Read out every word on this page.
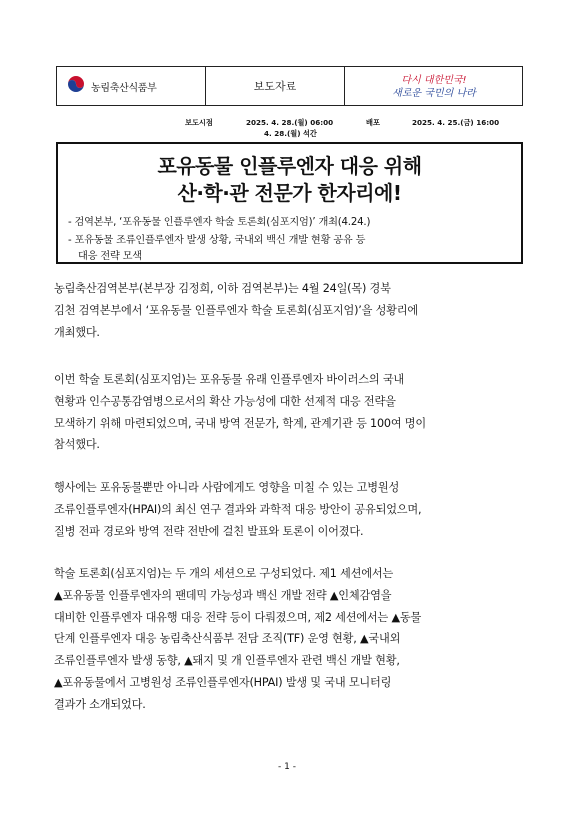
농림축산식품부	보도자료	다시 대한민국!
새로운 국민의 나라
보도시점	2025. 4. 28.(월) 06:00
4. 28.(월) 석간
배포	2025. 4. 25.(금) 16:00
포유동물 인플루엔자 대응 위해
산·학·관 전문가 한자리에!
- 검역본부, ‘포유동물 인플루엔자 학술 토론회(심포지엄)’ 개최(4.24.)
- 포유동물 조류인플루엔자 발생 상황, 국내외 백신 개발 현황 공유 등
대응 전략 모색
농림축산검역본부(본부장 김정희, 이하 검역본부)는 4월 24일(목) 경북
김천 검역본부에서 ‘포유동물 인플루엔자 학술 토론회(심포지엄)’을 성황리에
개최했다.
이번 학술 토론회(심포지엄)는 포유동물 유래 인플루엔자 바이러스의 국내
현황과 인수공통감염병으로서의 확산 가능성에 대한 선제적 대응 전략을
모색하기 위해 마련되었으며, 국내 방역 전문가, 학계, 관계기관 등 100여 명이
참석했다.
행사에는 포유동물뿐만 아니라 사람에게도 영향을 미칠 수 있는 고병원성
조류인플루엔자(HPAI)의 최신 연구 결과와 과학적 대응 방안이 공유되었으며,
질병 전파 경로와 방역 전략 전반에 걸친 발표와 토론이 이어졌다.
학술 토론회(심포지엄)는 두 개의 세션으로 구성되었다. 제1 세션에서는
▲포유동물 인플루엔자의 팬데믹 가능성과 백신 개발 전략 ▲인체감염을
대비한 인플루엔자 대유행 대응 전략 등이 다뤄졌으며, 제2 세션에서는 ▲동물
단계 인플루엔자 대응 농림축산식품부 전담 조직(TF) 운영 현황, ▲국내외
조류인플루엔자 발생 동향, ▲돼지 및 개 인플루엔자 관련 백신 개발 현황,
▲포유동물에서 고병원성 조류인플루엔자(HPAI) 발생 및 국내 모니터링
결과가 소개되었다.
- 1 -
